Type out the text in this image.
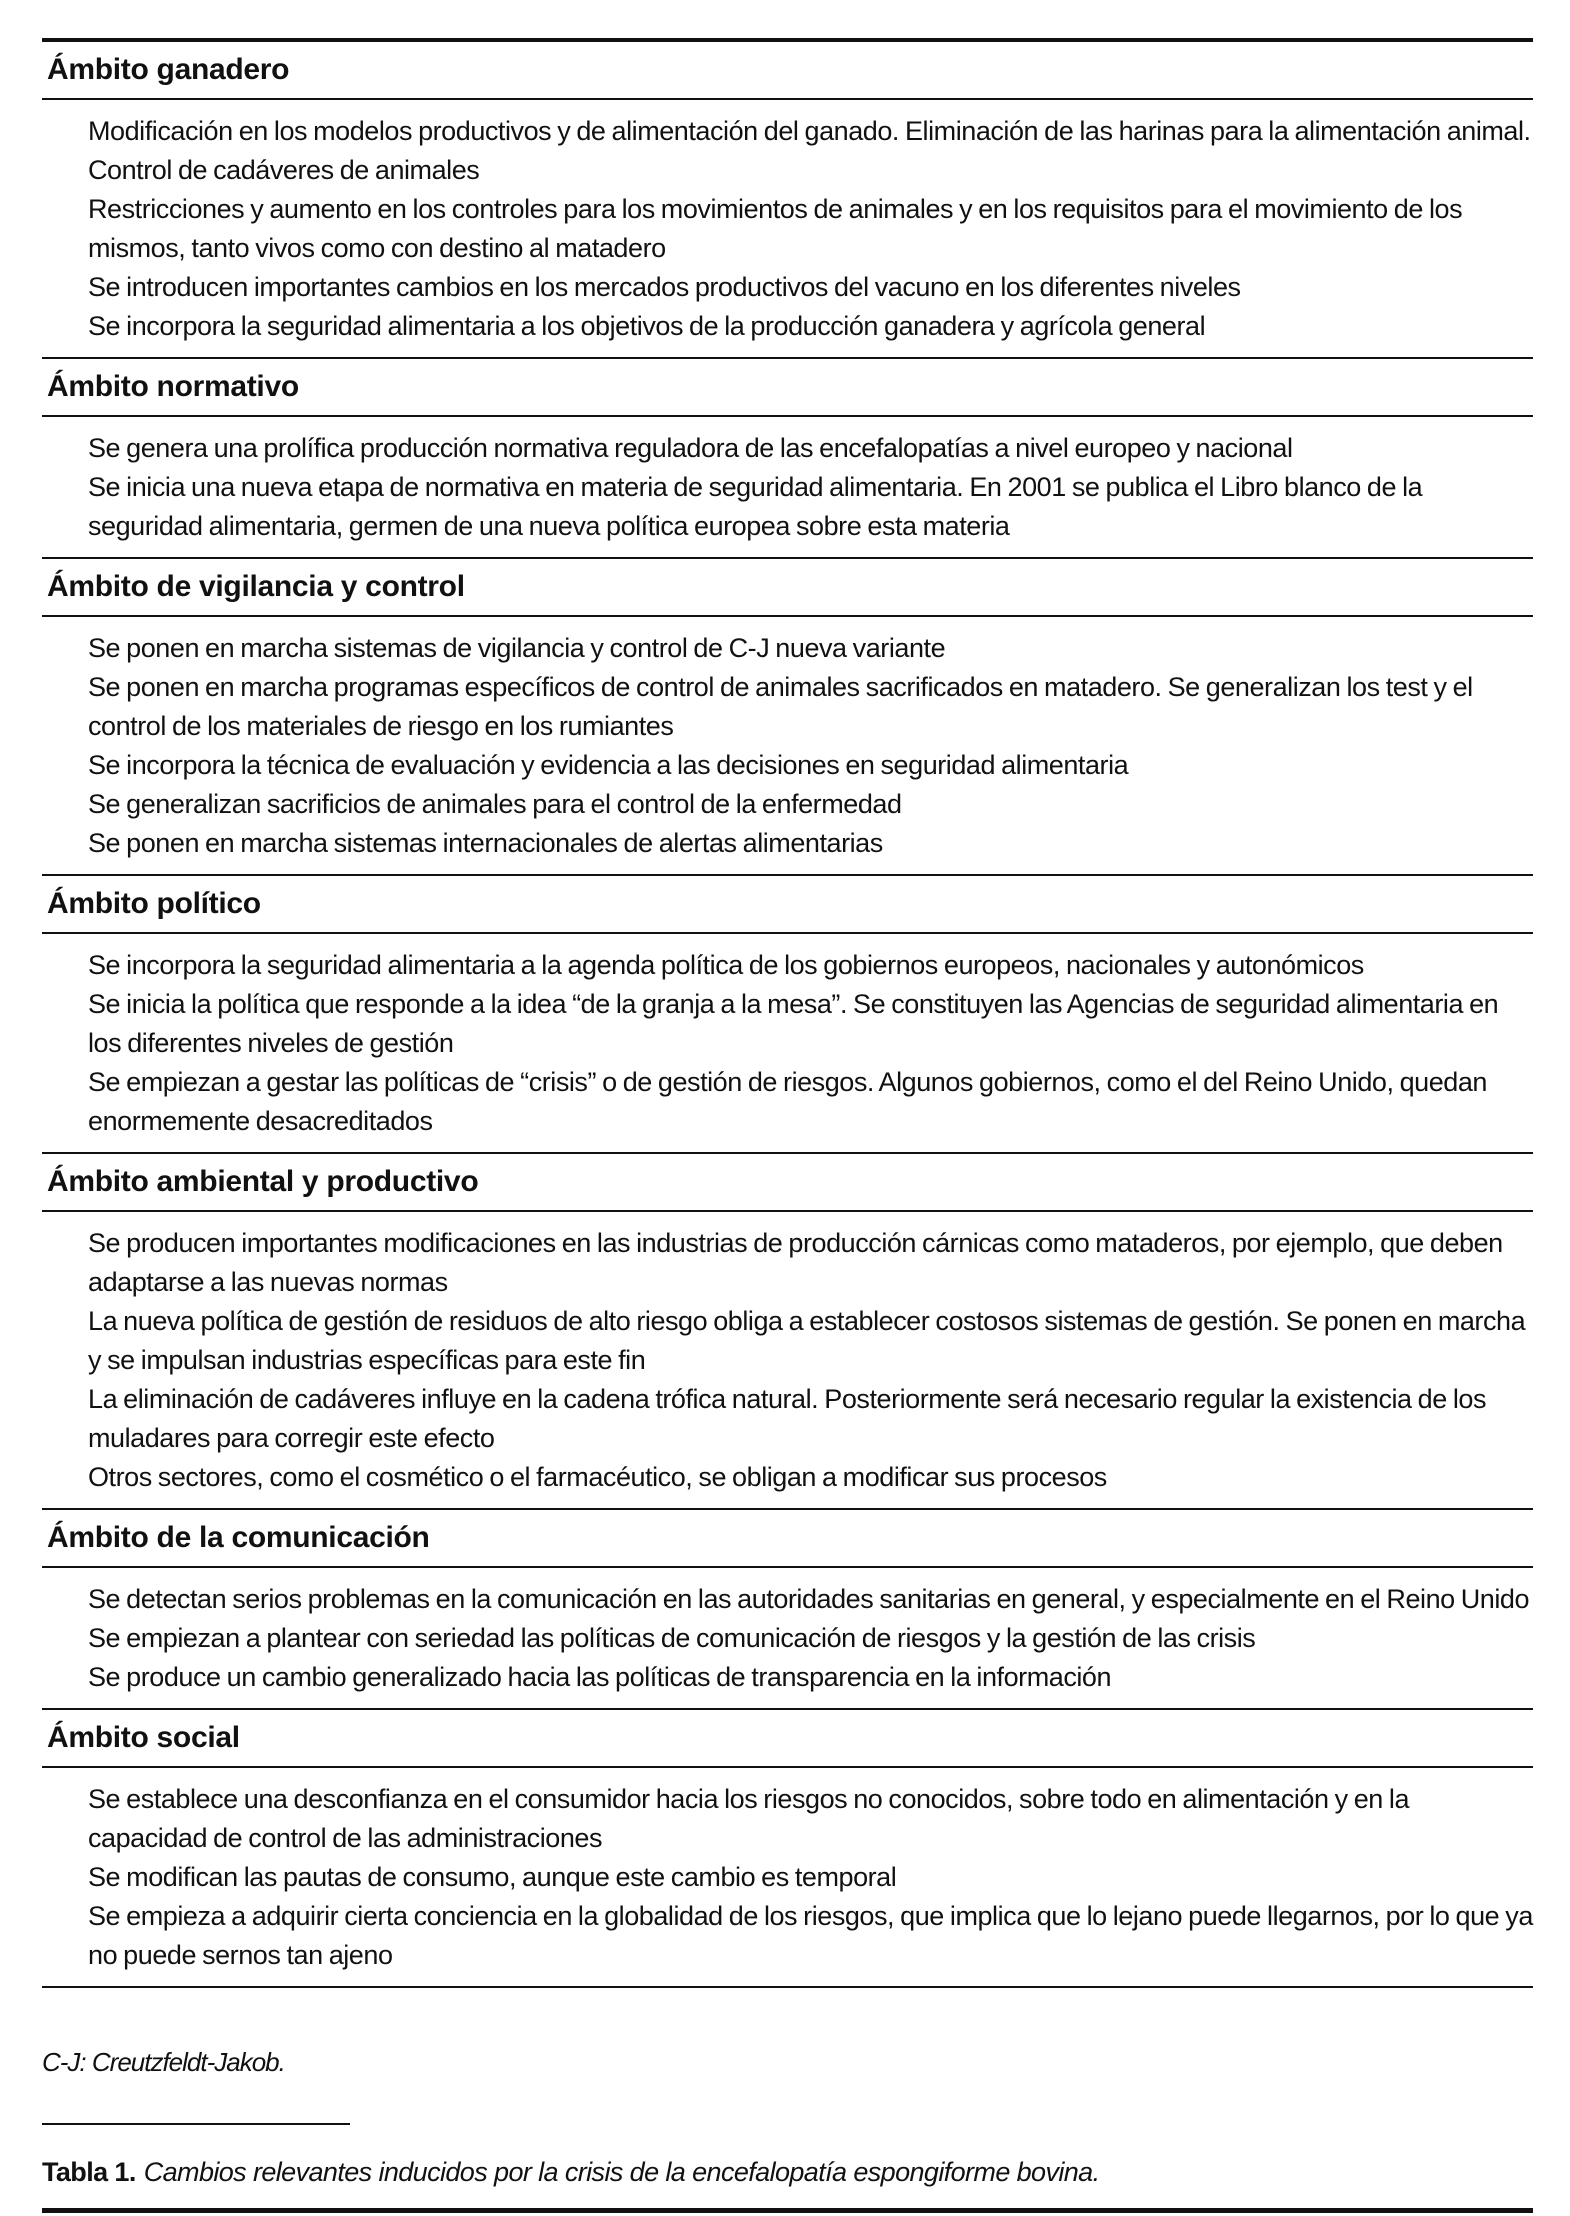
Ámbito ganadero
Modificación en los modelos productivos y de alimentación del ganado. Eliminación de las harinas para la alimentación animal. Control de cadáveres de animales
Restricciones y aumento en los controles para los movimientos de animales y en los requisitos para el movimiento de los mismos, tanto vivos como con destino al matadero
Se introducen importantes cambios en los mercados productivos del vacuno en los diferentes niveles
Se incorpora la seguridad alimentaria a los objetivos de la producción ganadera y agrícola general
Ámbito normativo
Se genera una prolífica producción normativa reguladora de las encefalopatías a nivel europeo y nacional
Se inicia una nueva etapa de normativa en materia de seguridad alimentaria. En 2001 se publica el Libro blanco de la seguridad alimentaria, germen de una nueva política europea sobre esta materia
Ámbito de vigilancia y control
Se ponen en marcha sistemas de vigilancia y control de C-J nueva variante
Se ponen en marcha programas específicos de control de animales sacrificados en matadero. Se generalizan los test y el control de los materiales de riesgo en los rumiantes
Se incorpora la técnica de evaluación y evidencia a las decisiones en seguridad alimentaria
Se generalizan sacrificios de animales para el control de la enfermedad
Se ponen en marcha sistemas internacionales de alertas alimentarias
Ámbito político
Se incorpora la seguridad alimentaria a la agenda política de los gobiernos europeos, nacionales y autonómicos
Se inicia la política que responde a la idea “de la granja a la mesa”. Se constituyen las Agencias de seguridad alimentaria en los diferentes niveles de gestión
Se empiezan a gestar las políticas de “crisis” o de gestión de riesgos. Algunos gobiernos, como el del Reino Unido, quedan enormemente desacreditados
Ámbito ambiental y productivo
Se producen importantes modificaciones en las industrias de producción cárnicas como mataderos, por ejemplo, que deben adaptarse a las nuevas normas
La nueva política de gestión de residuos de alto riesgo obliga a establecer costosos sistemas de gestión. Se ponen en marcha y se impulsan industrias específicas para este fin
La eliminación de cadáveres influye en la cadena trófica natural. Posteriormente será necesario regular la existencia de los muladares para corregir este efecto
Otros sectores, como el cosmético o el farmacéutico, se obligan a modificar sus procesos
Ámbito de la comunicación
Se detectan serios problemas en la comunicación en las autoridades sanitarias en general, y especialmente en el Reino Unido
Se empiezan a plantear con seriedad las políticas de comunicación de riesgos y la gestión de las crisis
Se produce un cambio generalizado hacia las políticas de transparencia en la información
Ámbito social
Se establece una desconfianza en el consumidor hacia los riesgos no conocidos, sobre todo en alimentación y en la capacidad de control de las administraciones
Se modifican las pautas de consumo, aunque este cambio es temporal
Se empieza a adquirir cierta conciencia en la globalidad de los riesgos, que implica que lo lejano puede llegarnos, por lo que ya no puede sernos tan ajeno
C-J: Creutzfeldt-Jakob.
Tabla 1. Cambios relevantes inducidos por la crisis de la encefalopatía espongiforme bovina.
